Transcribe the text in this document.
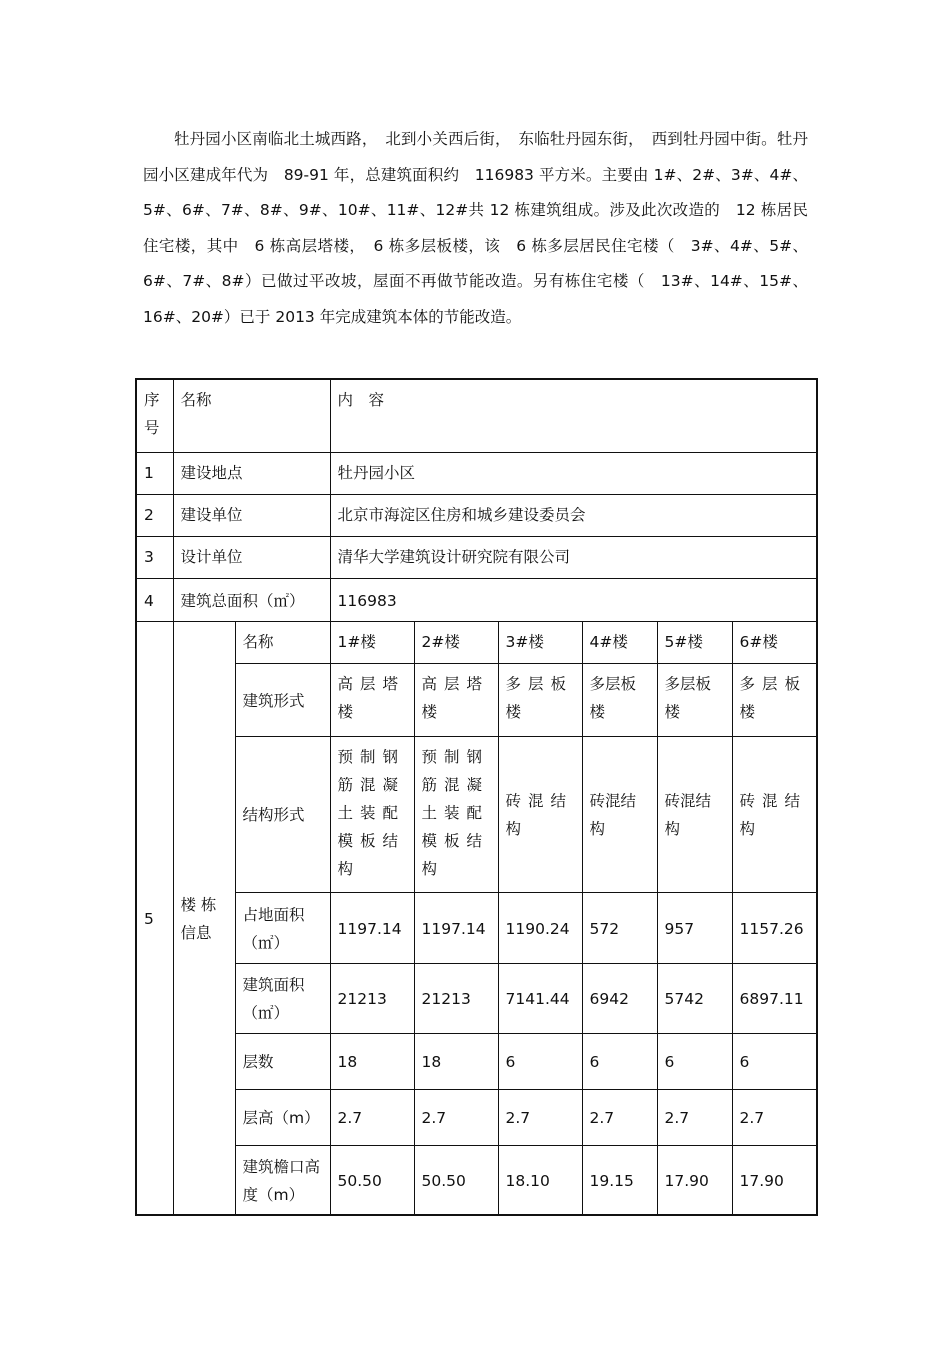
牡丹园小区南临北土城西路，　北到小关西后街，　东临牡丹园东街，　西到牡丹园中街。牡丹园小区建成年代为　89-91 年，总建筑面积约　116983 平方米。主要由 1#、2#、3#、4#、5#、6#、7#、8#、9#、10#、11#、12#共 12 栋建筑组成。涉及此次改造的　12 栋居民住宅楼，其中　6 栋高层塔楼，　6 栋多层板楼，该　6 栋多层居民住宅楼（　3#、4#、5#、6#、7#、8#）已做过平改坡，屋面不再做节能改造。另有栋住宅楼（　13#、14#、15#、16#、20#）已于 2013 年完成建筑本体的节能改造。

序号	名称		内　容					
1	建设地点		牡丹园小区					
2	建设单位		北京市海淀区住房和城乡建设委员会					
3	设计单位		清华大学建筑设计研究院有限公司					
4	建筑总面积（㎡）		116983					
5	楼 栋 信息	名称	1#楼	2#楼	3#楼	4#楼	5#楼	6#楼
		建筑形式	高层塔楼	高层塔楼	多层板楼	多层板楼	多层板楼	多层板楼
		结构形式	预制钢筋混凝土装配模板结构	预制钢筋混凝土装配模板结构	砖混结构	砖混结构	砖混结构	砖混结构
		占地面积（㎡）	1197.14	1197.14	1190.24	572	957	1157.26
		建筑面积（㎡）	21213	21213	7141.44	6942	5742	6897.11
		层数	18	18	6	6	6	6
		层高（m）	2.7	2.7	2.7	2.7	2.7	2.7
		建筑檐口高度（m）	50.50	50.50	18.10	19.15	17.90	17.90
